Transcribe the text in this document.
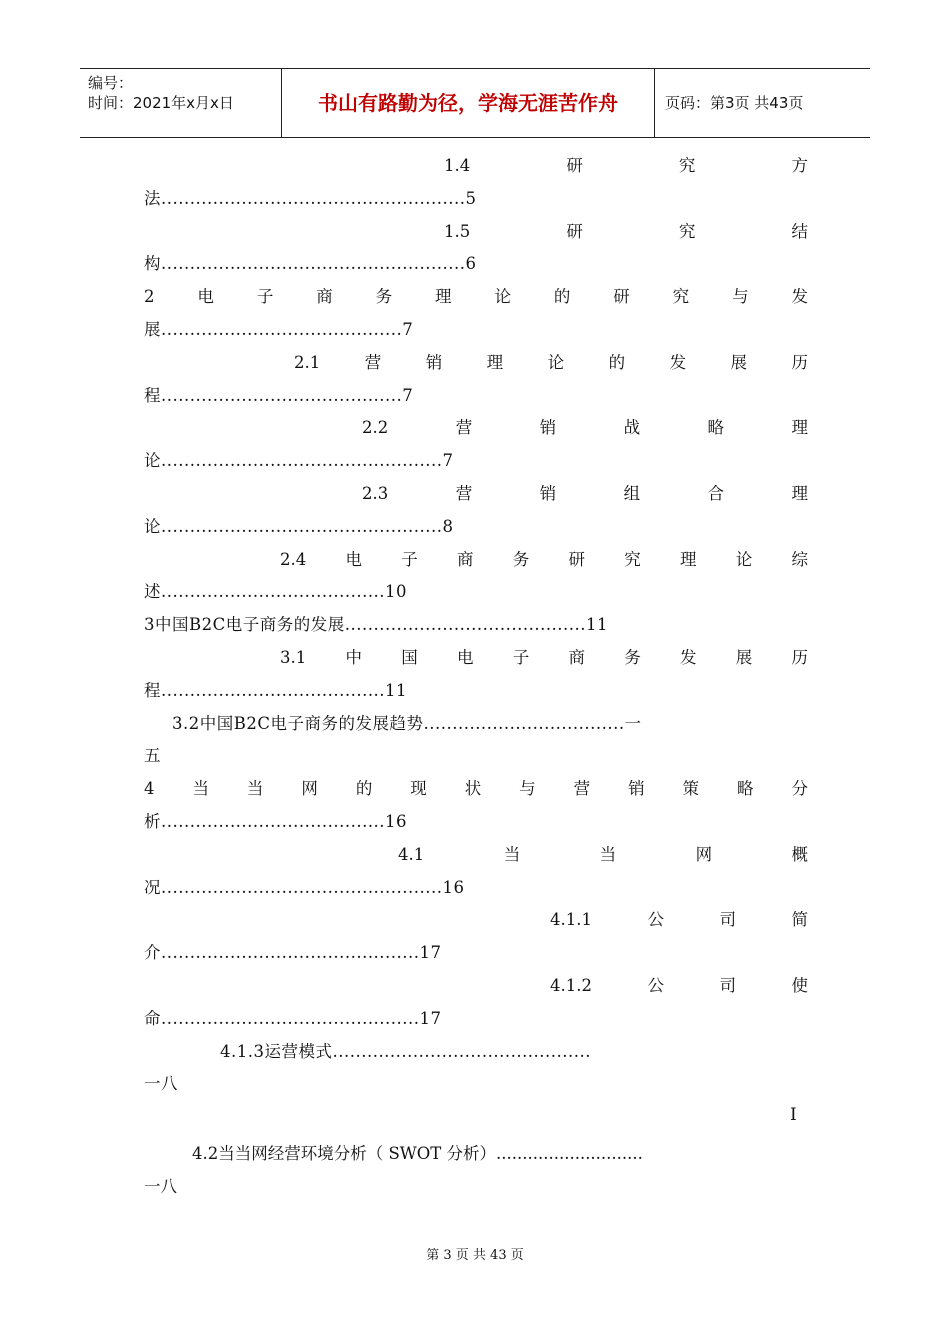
编号：
时间：2021年x月x日	书山有路勤为径，学海无涯苦作舟	页码：第3页 共43页
1.4	研	究	方
法.....................................................5
1.5	研	究	结
构.....................................................6
2	电	子	商	务	理	论	的	研	究	与	发
展..........................................7
2.1	营	销	理	论	的	发	展	历
程..........................................7
2.2	营	销	战	略	理
论.................................................7
2.3	营	销	组	合	理
论.................................................8
2.4 电 子 商 务 研 究 理 论 综
述.......................................10
3中国B2C电子商务的发展..........................................11
3.1 中 国 电 子 商 务 发 展 历
程.......................................11
3.2中国B2C电子商务的发展趋势...................................一
五
4 当 当 网 的 现 状 与 营 销 策 略 分
析.......................................16
4.1	当	当	网	概
况.................................................16
4.1.1	公	司	简
介.............................................17
4.1.2	公	司	使
命.............................................17
4.1.3运营模式.............................................
一八
I
4.2当当网经营环境分析（ SWOT 分析）............................
一八
第 3 页 共 43 页
